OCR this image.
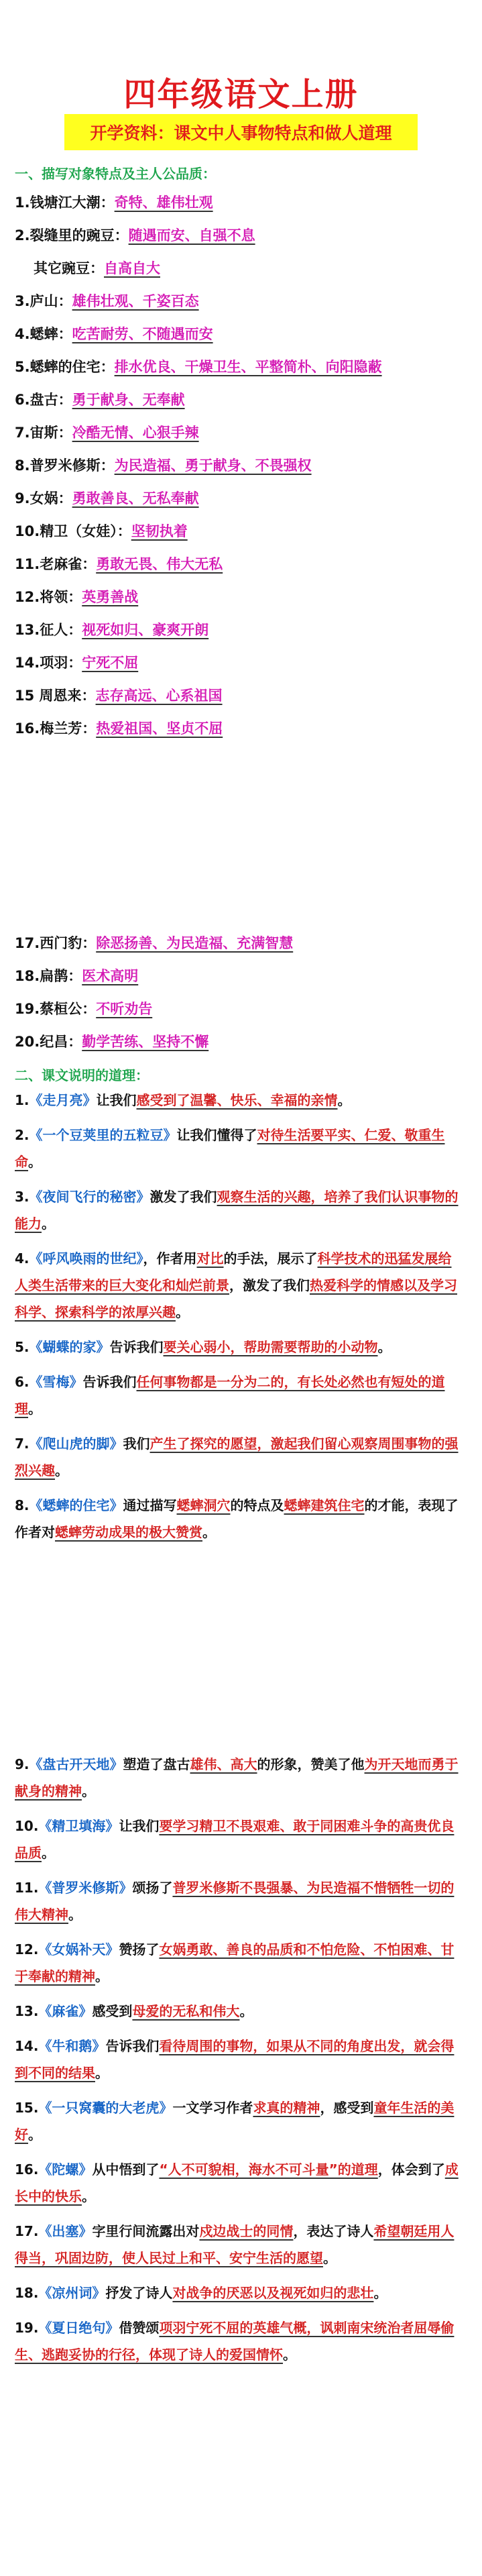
四年级语文上册
开学资料：课文中人事物特点和做人道理
一、描写对象特点及主人公品质：
1.钱塘江大潮： 奇特、雄伟壮观
2.裂缝里的豌豆： 随遇而安、自强不息
其它豌豆： 自高自大
3.庐山： 雄伟壮观、千姿百态
4.蟋蟀： 吃苦耐劳、不随遇而安
5.蟋蟀的住宅： 排水优良、干燥卫生、平整简朴、向阳隐蔽
6.盘古： 勇于献身、无奉献
7.宙斯： 冷酷无情、心狠手辣
8.普罗米修斯： 为民造福、勇于献身、不畏强权
9.女娲： 勇敢善良、无私奉献
10.精卫（女娃）： 坚韧执着
11.老麻雀： 勇敢无畏、伟大无私
12.将领： 英勇善战
13.征人： 视死如归、豪爽开朗
14.项羽： 宁死不屈
15 周恩来： 志存高远、心系祖国
16.梅兰芳： 热爱祖国、坚贞不屈
17.西门豹： 除恶扬善、为民造福、充满智慧
18.扁鹊： 医术高明
19.蔡桓公： 不听劝告
20.纪昌： 勤学苦练、坚持不懈
二、课文说明的道理：
1.《走月亮》让我们感受到了温馨、快乐、幸福的亲情。
2.《一个豆荚里的五粒豆》让我们懂得了对待生活要平实、仁爱、敬重生命。
3.《夜间飞行的秘密》激发了我们观察生活的兴趣，培养了我们认识事物的能力。
4.《呼风唤雨的世纪》，作者用对比的手法，展示了科学技术的迅猛发展给人类生活带来的巨大变化和灿烂前景，激发了我们热爱科学的情感以及学习科学、探索科学的浓厚兴趣。
5.《蝴蝶的家》告诉我们要关心弱小，帮助需要帮助的小动物。
6.《雪梅》告诉我们任何事物都是一分为二的，有长处必然也有短处的道理。
7.《爬山虎的脚》我们产生了探究的愿望，激起我们留心观察周围事物的强烈兴趣。
8.《蟋蟀的住宅》通过描写蟋蟀洞穴的特点及蟋蟀建筑住宅的才能，表现了作者对蟋蟀劳动成果的极大赞赏。
9.《盘古开天地》塑造了盘古雄伟、高大的形象，赞美了他为开天地而勇于献身的精神。
10.《精卫填海》让我们要学习精卫不畏艰难、敢于同困难斗争的高贵优良品质。
11.《普罗米修斯》颂扬了普罗米修斯不畏强暴、为民造福不惜牺牲一切的伟大精神。
12.《女娲补天》赞扬了女娲勇敢、善良的品质和不怕危险、不怕困难、甘于奉献的精神。
13.《麻雀》感受到母爱的无私和伟大。
14.《牛和鹅》告诉我们看待周围的事物，如果从不同的角度出发，就会得到不同的结果。
15.《一只窝囊的大老虎》一文学习作者求真的精神，感受到童年生活的美好。
16.《陀螺》从中悟到了“人不可貌相，海水不可斗量”的道理，体会到了成长中的快乐。
17.《出塞》字里行间流露出对戍边战士的同情，表达了诗人希望朝廷用人得当，巩固边防，使人民过上和平、安宁生活的愿望。
18.《凉州词》抒发了诗人对战争的厌恶以及视死如归的悲壮。
19.《夏日绝句》借赞颂项羽宁死不屈的英雄气概，讽刺南宋统治者屈辱偷生、逃跑妥协的行径，体现了诗人的爱国情怀。
